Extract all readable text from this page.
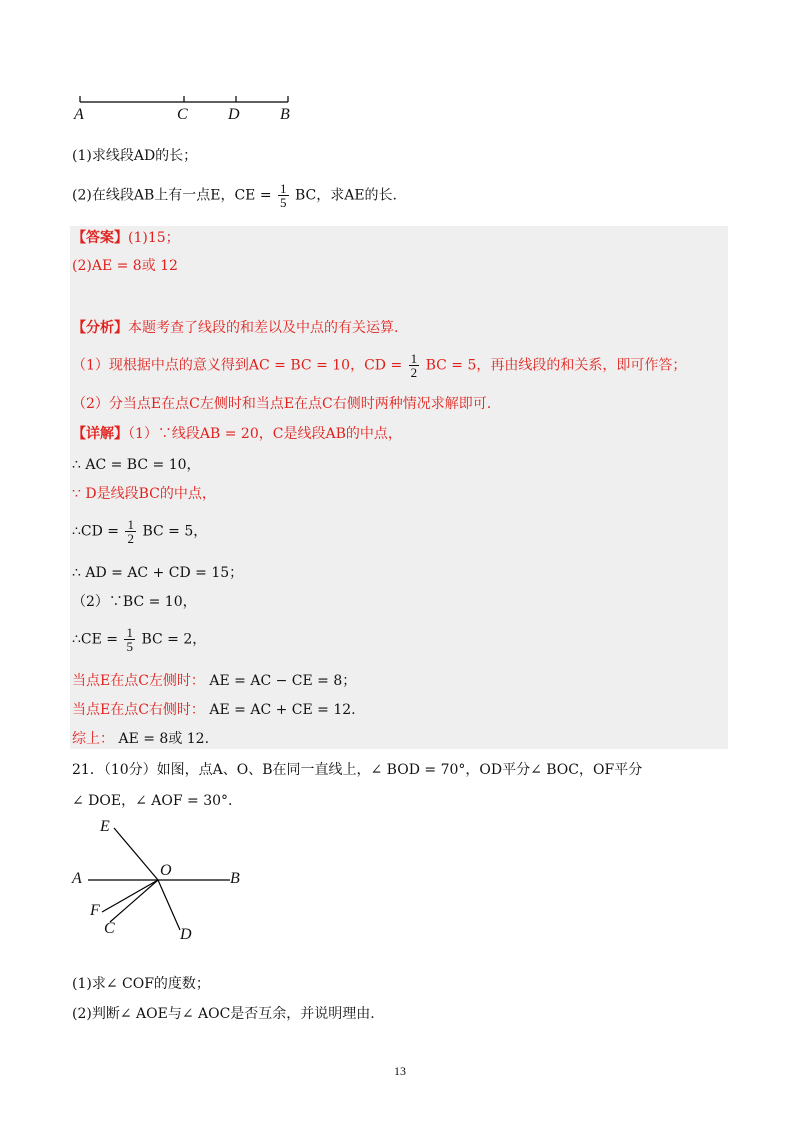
A	C	D	B
(1)求线段AD的长；
(2)在线段AB上有一点E，CE = $\frac{1}{5}$ BC，求AE的长.
【答案】(1)15；
(2)AE = 8或 12
【分析】本题考查了线段的和差以及中点的有关运算.
（1）现根据中点的意义得到AC = BC = 10，CD = $\frac{1}{2}$ BC = 5，再由线段的和关系，即可作答；
（2）分当点E在点C左侧时和当点E在点C右侧时两种情况求解即可.
【详解】（1）∵线段AB = 20，C是线段AB的中点，
∴ AC = BC = 10，
∵ D是线段BC的中点，
∴CD = $\frac{1}{2}$ BC = 5，
∴ AD = AC + CD = 15；
（2）∵BC = 10，
∴CE = $\frac{1}{5}$ BC = 2，
当点E在点C左侧时： AE = AC − CE = 8；
当点E在点C右侧时： AE = AC + CE = 12.
综上： AE = 8或 12.
21．（10分）如图，点A、O、B在同一直线上，∠ BOD = 70°，OD平分∠ BOC，OF平分
∠ DOE，∠ AOF = 30°.
E
O
A	B
F
C	D
(1)求∠ COF的度数；
(2)判断∠ AOE与∠ AOC是否互余，并说明理由.
13
